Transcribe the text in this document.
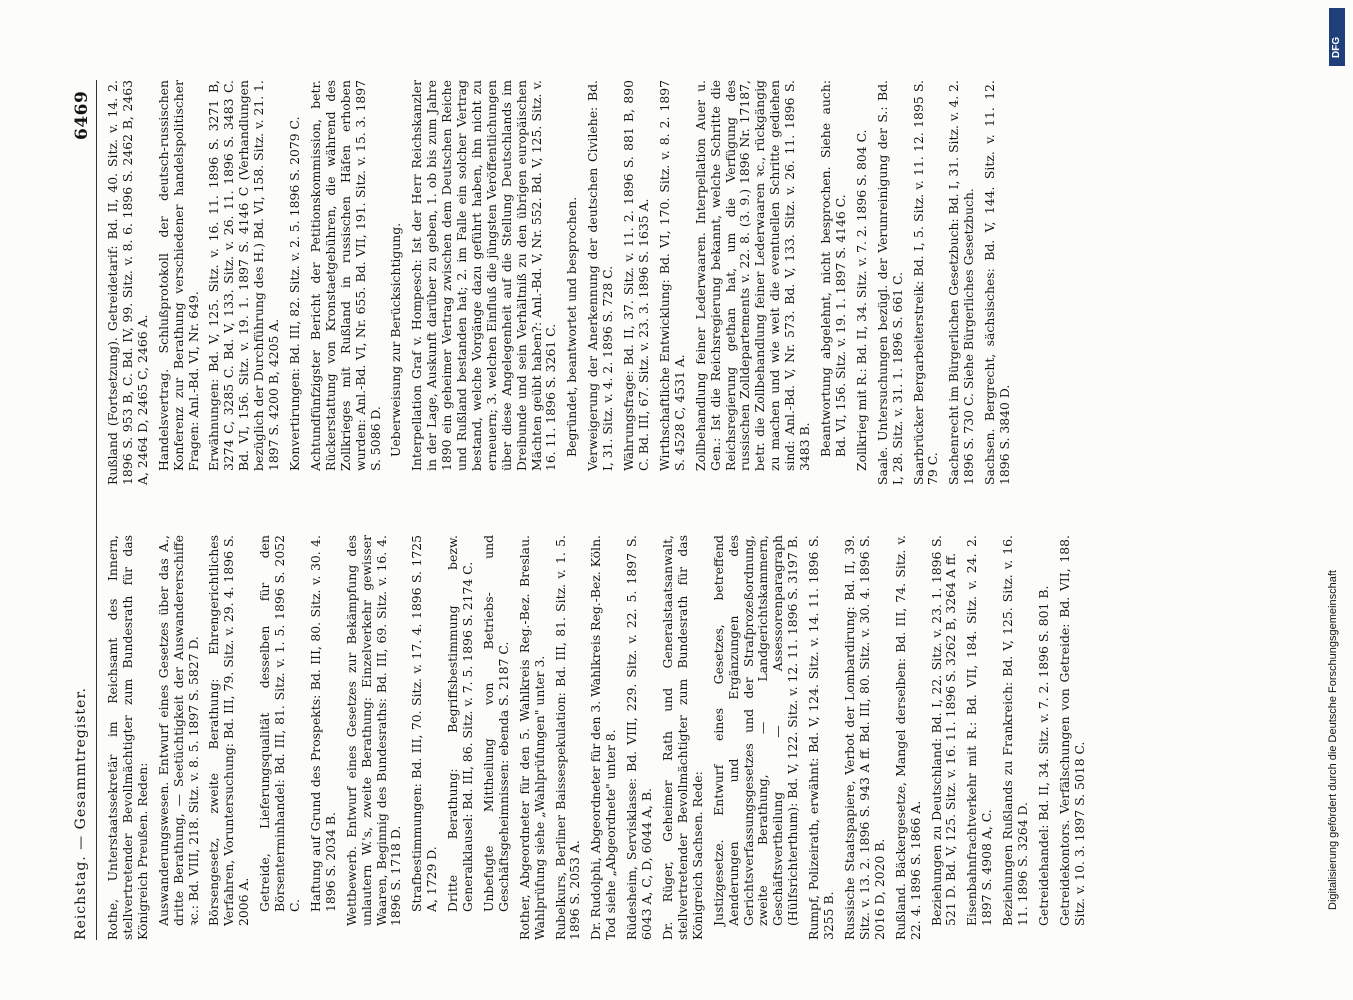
Reichstag. — Gesammtregister.
6469

Rothe, Unterstaatssekretär im Reichsamt des Innern, stellvertretender Bevollmächtigter zum Bundesrath für das Königreich Preußen. Reden: Auswanderungswesen. Entwurf eines Gesetzes über das A., dritte Berathung, — Seetüchtigkeit der Auswandererschiffe ꝛc.: Bd. VIII, 218. Sitz. v. 8. 5. 1897 S. 5827 D. Börsengesetz, zweite Berathung: Ehrengerichtliches Verfahren, Voruntersuchung: Bd. III, 79. Sitz. v. 29. 4. 1896 S. 2006 A. Getreide, Lieferungsqualität desselben für den Börsenterminhandel: Bd. III, 81. Sitz. v. 1. 5. 1896 S. 2052 C. Haftung auf Grund des Prospekts: Bd. III, 80. Sitz. v. 30. 4. 1896 S. 2034 B. Wettbewerb. Entwurf eines Gesetzes zur Bekämpfung des unlautern W.'s, zweite Berathung: Einzelverkehr gewisser Waaren, Beginnig des Bundesraths: Bd. III, 69. Sitz. v. 16. 4. 1896 S. 1718 D. Strafbestimmungen: Bd. III, 70. Sitz. v. 17. 4. 1896 S. 1725 A, 1729 D. Dritte Berathung: Begriffsbestimmung bezw. Generalklausel: Bd. III, 86. Sitz. v. 7. 5. 1896 S. 2174 C. Unbefugte Mittheilung von Betriebs- und Geschäftsgeheimnissen: ebenda S. 2187 C. Rother, Abgeordneter für den 5. Wahlkreis Reg.-Bez. Breslau. Wahlprüfung siehe „Wahlprüfungen" unter 3. Rubelkurs, Berliner Baissespekulation: Bd. III, 81. Sitz. v. 1. 5. 1896 S. 2053 A. Dr. Rudolphi, Abgeordneter für den 3. Wahlkreis Reg.-Bez. Köln. Tod siehe „Abgeordnete" unter 8. Rüdesheim, Servisklasse: Bd. VIII, 229. Sitz. v. 22. 5. 1897 S. 6043 A, C, D, 6044 A, B. Dr. Rüger, Geheimer Rath und Generalstaatsanwalt, stellvertretender Bevollmächtigter zum Bundesrath für das Königreich Sachsen. Rede: Justizgesetze. Entwurf eines Gesetzes, betreffend Aenderungen und Ergänzungen des Gerichtsverfassungsgesetzes und der Strafprozeßordnung, zweite Berathung, — Landgerichtskammern, Geschäftsvertheilung — Assessorenparagraph (Hülfsrichterthum): Bd. V, 122. Sitz. v. 12. 11. 1896 S. 3197 B. Rumpf, Polizeirath, erwähnt: Bd. V, 124. Sitz. v. 14. 11. 1896 S. 3255 B. Russische Staatspapiere, Verbot der Lombardirung: Bd. II, 39. Sitz. v. 13. 2. 1896 S. 943 A ff. Bd. III, 80. Sitz. v. 30. 4. 1896 S. 2016 D, 2020 B. Rußland. Bäckergesetze, Mangel derselben: Bd. III, 74. Sitz. v. 22. 4. 1896 S. 1866 A. Beziehungen zu Deutschland: Bd. I, 22. Sitz. v. 23. 1. 1896 S. 521 D. Bd. V, 125. Sitz. v. 16. 11. 1896 S. 3262 B, 3264 A ff. Eisenbahnfrachtverkehr mit R.: Bd. VII, 184. Sitz. v. 24. 2. 1897 S. 4908 A, C. Beziehungen Rußlands zu Frankreich: Bd. V, 125. Sitz. v. 16. 11. 1896 S. 3264 D. Getreidehandel: Bd. II, 34. Sitz. v. 7. 2. 1896 S. 801 B. Getreidekontors. Verfälschungen von Getreide: Bd. VII, 188. Sitz. v. 10. 3. 1897 S. 5018 C.

Rußland (Fortsetzung). Getreidetarif: Bd. II, 40. Sitz. v. 14. 2. 1896 S. 953 B, C. Bd. IV, 99. Sitz. v. 8. 6. 1896 S. 2462 B, 2463 A, 2464 D, 2465 C, 2466 A. Handelsvertrag. Schlußprotokoll der deutsch-russischen Konferenz zur Berathung verschiedener handelspolitischer Fragen: Anl.-Bd. VI, Nr. 649. Erwähnungen: Bd. V, 125. Sitz. v. 16. 11. 1896 S. 3271 B, 3274 C, 3285 C. Bd. V, 133. Sitz. v. 26. 11. 1896 S. 3483 C. Bd. VI, 156. Sitz. v. 19. 1. 1897 S. 4146 C (Verhandlungen bezüglich der Durchführung des H.) Bd. VI, 158. Sitz. v. 21. 1. 1897 S. 4200 B, 4205 A. Konvertirungen: Bd. III, 82. Sitz. v. 2. 5. 1896 S. 2079 C. Achtundfünfzigster Bericht der Petitionskommission, betr. Rückerstattung von Kronstaetgebühren, die während des Zollkrieges mit Rußland in russischen Häfen erhoben wurden: Anl.-Bd. VI, Nr. 655. Bd. VII, 191. Sitz. v. 15. 3. 1897 S. 5086 D. Ueberweisung zur Berücksichtigung. Interpellation Graf v. Hompesch: Ist der Herr Reichskanzler in der Lage, Auskunft darüber zu geben, 1. ob bis zum Jahre 1890 ein geheimer Vertrag zwischen dem Deutschen Reiche und Rußland bestanden hat; 2. im Falle ein solcher Vertrag bestand, welche Vorgänge dazu geführt haben, ihn nicht zu erneuern; 3. welchen Einfluß die jüngsten Veröffentlichungen über diese Angelegenheit auf die Stellung Deutschlands im Dreibunde und sein Verhältniß zu den übrigen europäischen Mächten geübt haben?: Anl.-Bd. V, Nr. 552. Bd. V, 125. Sitz. v. 16. 11. 1896 S. 3261 C. Begründet, beantwortet und besprochen. Verweigerung der Anerkennung der deutschen Civilehe: Bd. I, 31. Sitz. v. 4. 2. 1896 S. 728 C. Währungsfrage: Bd. II, 37. Sitz. v. 11. 2. 1896 S. 881 B, 890 C. Bd. III, 67. Sitz. v. 23. 3. 1896 S. 1635 A. Wirthschaftliche Entwicklung: Bd. VI, 170. Sitz. v. 8. 2. 1897 S. 4528 C, 4531 A. Zollbehandlung feiner Lederwaaren. Interpellation Auer u. Gen.: Ist die Reichsregierung bekannt, welche Schritte die Reichsregierung gethan hat, um die Verfügung des russischen Zolldepartements v. 22. 8. (3. 9.) 1896 Nr. 17187, betr. die Zollbehandlung feiner Lederwaaren ꝛc., rückgängig zu machen und wie weit die eventuellen Schritte gediehen sind: Anl.-Bd. V, Nr. 573. Bd. V, 133. Sitz. v. 26. 11. 1896 S. 3483 B. Beantwortung abgelehnt, nicht besprochen. Siehe auch: Bd. VI, 156. Sitz. v. 19. 1. 1897 S. 4146 C. Zollkrieg mit R.: Bd. II, 34. Sitz. v. 7. 2. 1896 S. 804 C. Saale. Untersuchungen bezügl. der Verunreinigung der S.: Bd. I, 28. Sitz. v. 31. 1. 1896 S. 661 C. Saarbrücker Bergarbeiterstreik: Bd. I, 5. Sitz. v. 11. 12. 1895 S. 79 C. Sachenrecht im Bürgerlichen Gesetzbuch: Bd. I, 31. Sitz. v. 4. 2. 1896 S. 730 C. Siehe Bürgerliches Gesetzbuch. Sachsen. Bergrecht, sächsisches: Bd. V, 144. Sitz. v. 11. 12. 1896 S. 3840 D.

DFG
Digitalisierung gefördert durch die Deutsche Forschungsgemeinschaft
